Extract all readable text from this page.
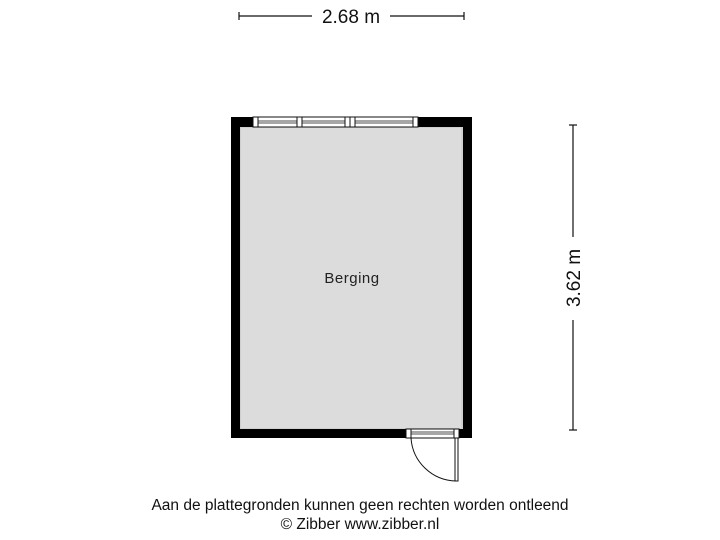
2.68 m
3.62 m
Berging
Aan de plattegronden kunnen geen rechten worden ontleend
© Zibber www.zibber.nl
